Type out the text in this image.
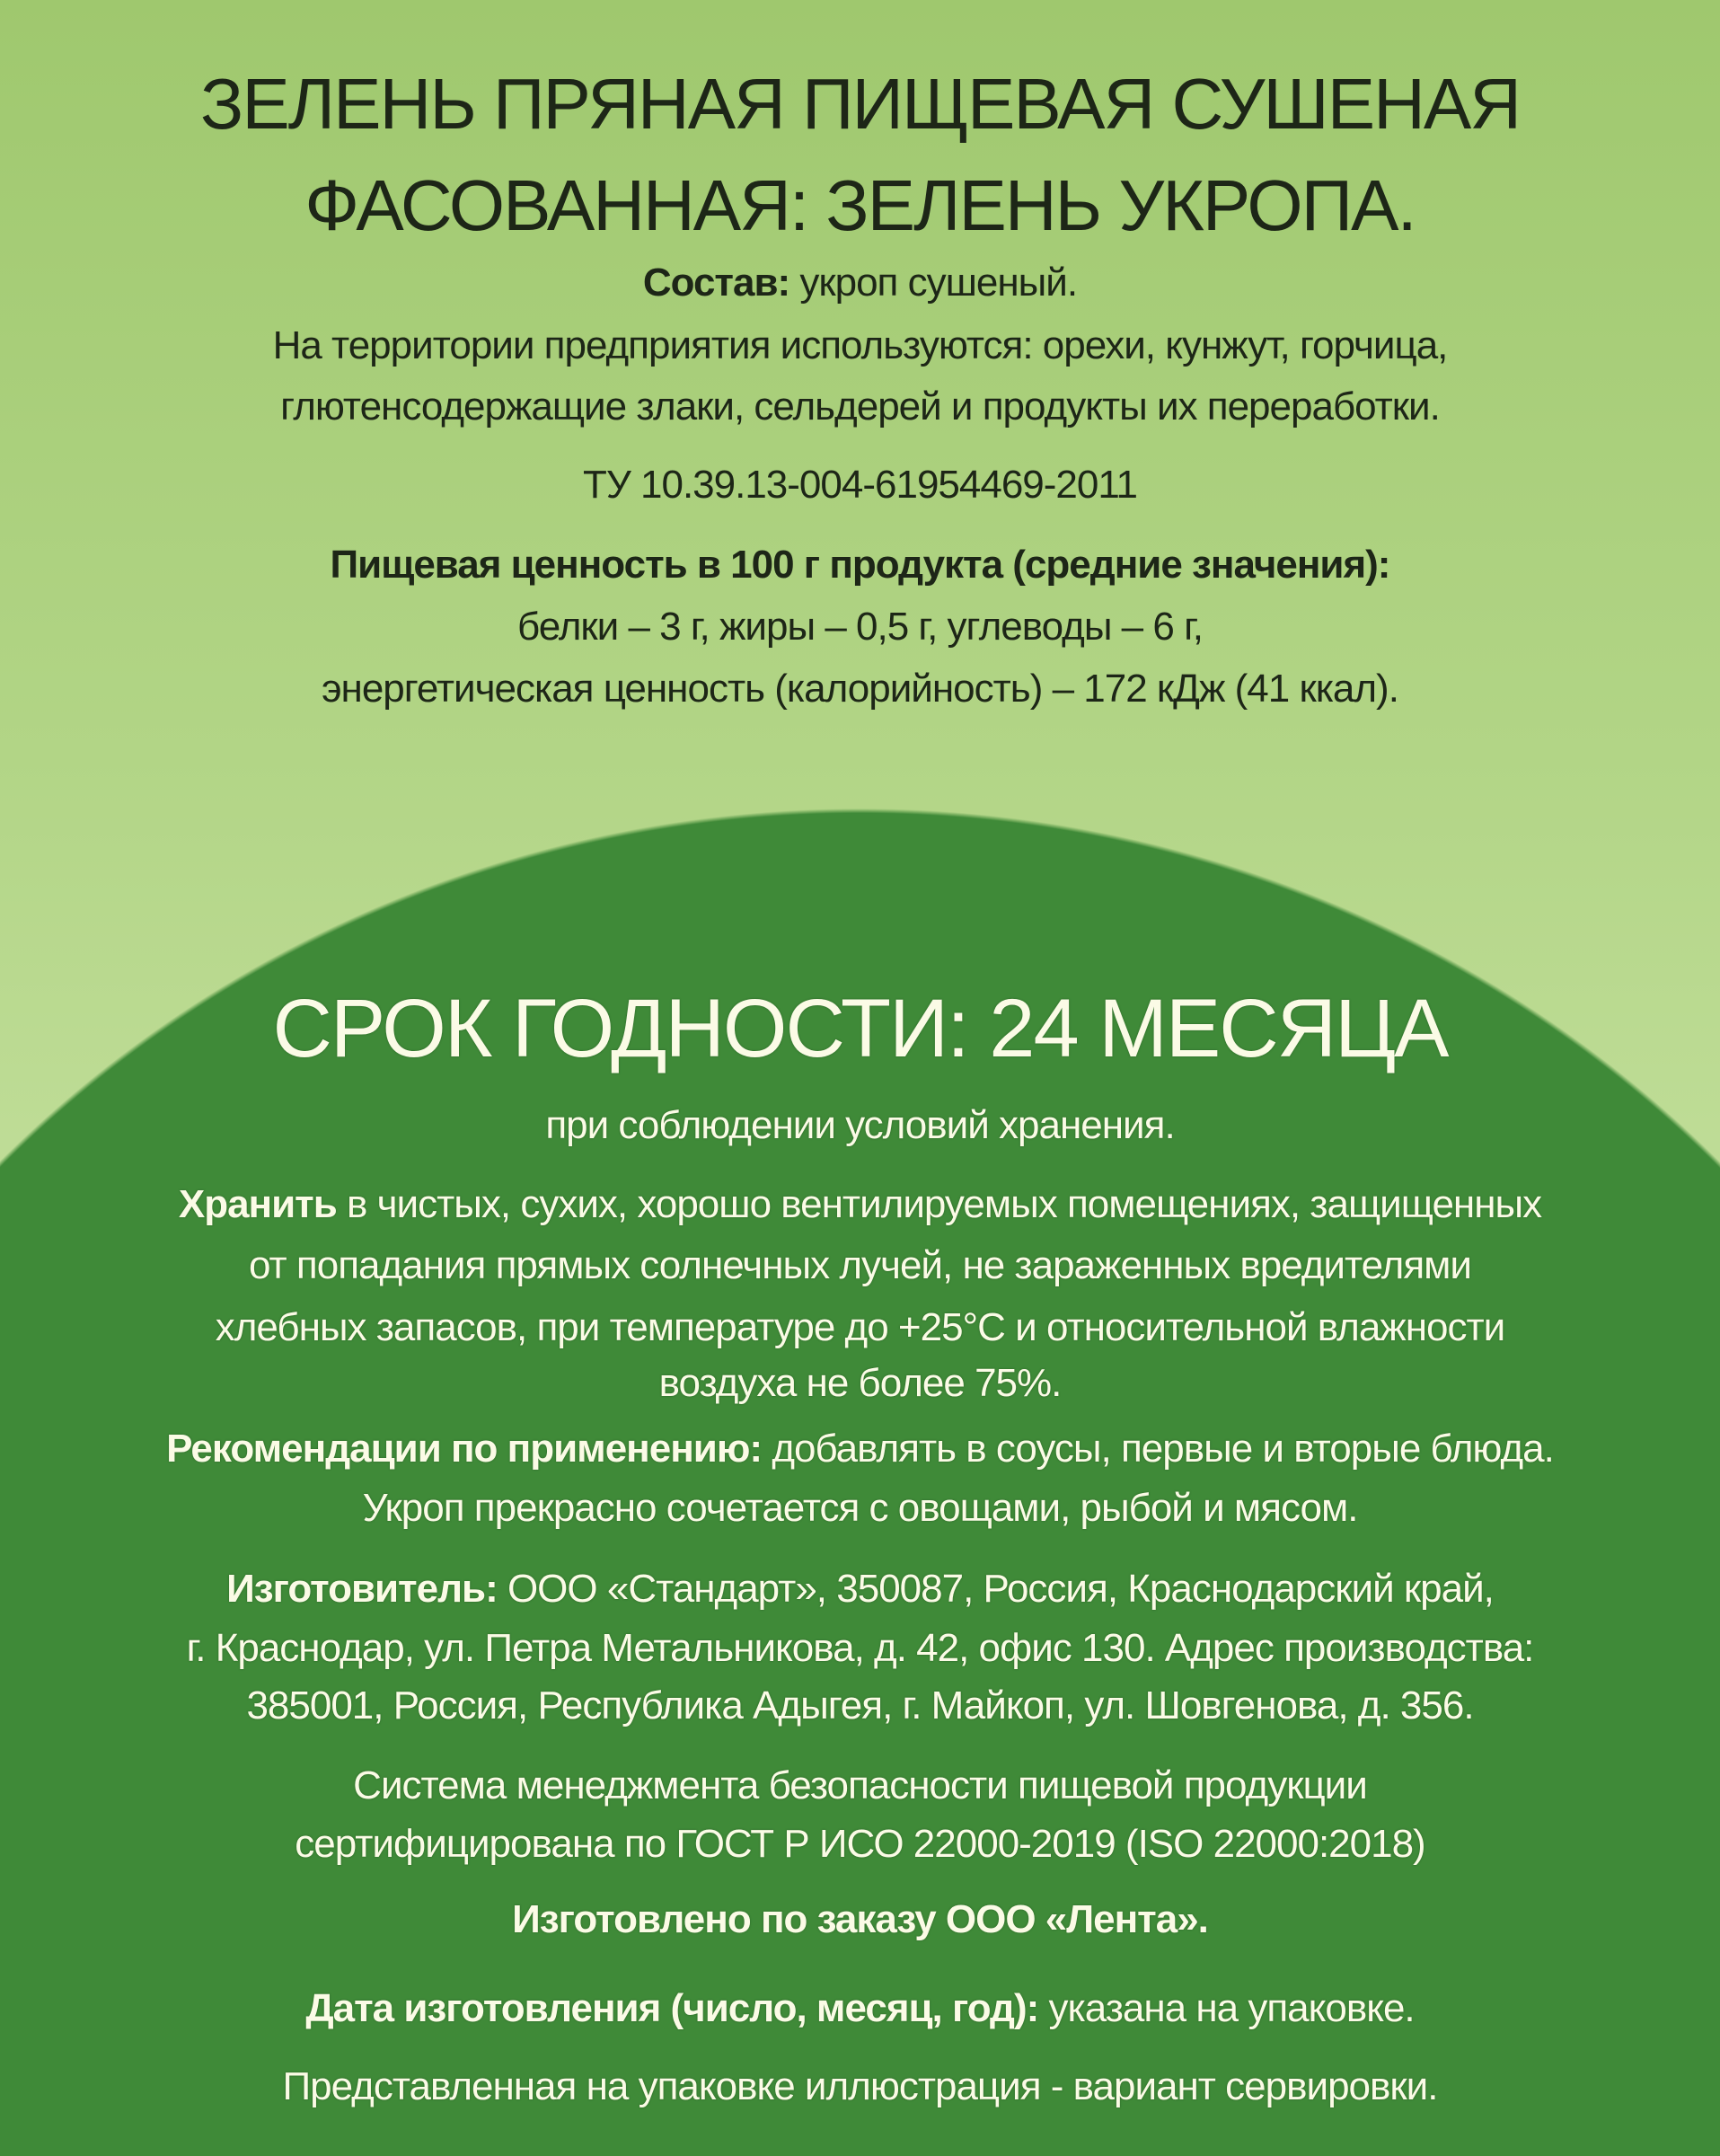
ЗЕЛЕНЬ ПРЯНАЯ ПИЩЕВАЯ СУШЕНАЯ
ФАСОВАННАЯ: ЗЕЛЕНЬ УКРОПА.
Состав: укроп сушеный.
На территории предприятия используются: орехи, кунжут, горчица,
глютенсодержащие злаки, сельдерей и продукты их переработки.
ТУ 10.39.13-004-61954469-2011
Пищевая ценность в 100 г продукта (средние значения):
белки – 3 г, жиры – 0,5 г, углеводы – 6 г,
энергетическая ценность (калорийность) – 172 кДж (41 ккал).
СРОК ГОДНОСТИ: 24 МЕСЯЦА
при соблюдении условий хранения.
Хранить в чистых, сухих, хорошо вентилируемых помещениях, защищенных
от попадания прямых солнечных лучей, не зараженных вредителями
хлебных запасов, при температуре до +25°С и относительной влажности
воздуха не более 75%.
Рекомендации по применению: добавлять в соусы, первые и вторые блюда.
Укроп прекрасно сочетается с овощами, рыбой и мясом.
Изготовитель: ООО «Стандарт», 350087, Россия, Краснодарский край,
г. Краснодар, ул. Петра Метальникова, д. 42, офис 130. Адрес производства:
385001, Россия, Республика Адыгея, г. Майкоп, ул. Шовгенова, д. 356.
Система менеджмента безопасности пищевой продукции
сертифицирована по ГОСТ Р ИСО 22000-2019 (ISO 22000:2018)
Изготовлено по заказу ООО «Лента».
Дата изготовления (число, месяц, год): указана на упаковке.
Представленная на упаковке иллюстрация - вариант сервировки.
